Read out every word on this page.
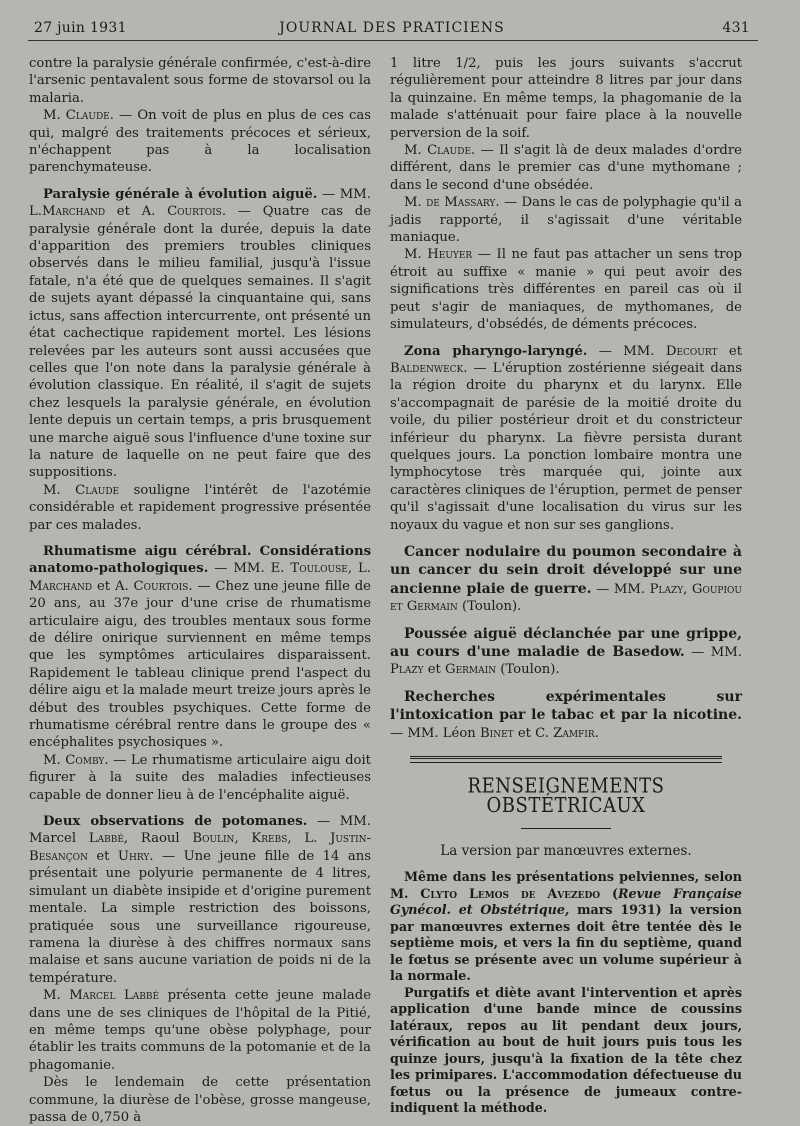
27 juin 1931	JOURNAL DES PRATICIENS	431

contre la paralysie générale confirmée, c'est-à-dire l'arsenic pentavalent sous forme de stovarsol ou la malaria.

M. Claude. — On voit de plus en plus de ces cas qui, malgré des traitements précoces et sérieux, n'échappent pas à la localisation parenchymateuse.

Paralysie générale à évolution aiguë. — MM. L.Marchand et A. Courtois. — Quatre cas de paralysie générale dont la durée, depuis la date d'apparition des premiers troubles cliniques observés dans le milieu familial, jusqu'à l'issue fatale, n'a été que de quelques semaines. Il s'agit de sujets ayant dépassé la cinquantaine qui, sans ictus, sans affection intercurrente, ont présenté un état cachectique rapidement mortel. Les lésions relevées par les auteurs sont aussi accusées que celles que l'on note dans la paralysie générale à évolution classique. En réalité, il s'agit de sujets chez lesquels la paralysie générale, en évolution lente depuis un certain temps, a pris brusquement une marche aiguë sous l'influence d'une toxine sur la nature de laquelle on ne peut faire que des suppositions.

M. Claude souligne l'intérêt de l'azotémie considérable et rapidement progressive présentée par ces malades.

Rhumatisme aigu cérébral. Considérations anatomo-pathologiques. — MM. E. Toulouse, L. Marchand et A. Courtois. — Chez une jeune fille de 20 ans, au 37e jour d'une crise de rhumatisme articulaire aigu, des troubles mentaux sous forme de délire onirique surviennent en même temps que les symptômes articulaires disparaissent. Rapidement le tableau clinique prend l'aspect du délire aigu et la malade meurt treize jours après le début des troubles psychiques. Cette forme de rhumatisme cérébral rentre dans le groupe des « encéphalites psychosiques ».

M. Comby. — Le rhumatisme articulaire aigu doit figurer à la suite des maladies infectieuses capable de donner lieu à de l'encéphalite aiguë.

Deux observations de potomanes. — MM. Marcel Labbé, Raoul Boulin, Krebs, L. Justin-Besançon et Uhry. — Une jeune fille de 14 ans présentait une polyurie permanente de 4 litres, simulant un diabète insipide et d'origine purement mentale. La simple restriction des boissons, pratiquée sous une surveillance rigoureuse, ramena la diurèse à des chiffres normaux sans malaise et sans aucune variation de poids ni de la température.

M. Marcel Labbé présenta cette jeune malade dans une de ses cliniques de l'hôpital de la Pitié, en même temps qu'une obèse polyphage, pour établir les traits communs de la potomanie et de la phagomanie.

Dès le lendemain de cette présentation commune, la diurèse de l'obèse, grosse mangeuse, passa de 0,750 à

1 litre 1/2, puis les jours suivants s'accrut régulièrement pour atteindre 8 litres par jour dans la quinzaine. En même temps, la phagomanie de la malade s'atténuait pour faire place à la nouvelle perversion de la soif.

M. Claude. — Il s'agit là de deux malades d'ordre différent, dans le premier cas d'une mythomane ; dans le second d'une obsédée.

M. de Massary. — Dans le cas de polyphagie qu'il a jadis rapporté, il s'agissait d'une véritable maniaque.

M. Heuyer — Il ne faut pas attacher un sens trop étroit au suffixe « manie » qui peut avoir des significations très différentes en pareil cas où il peut s'agir de maniaques, de mythomanes, de simulateurs, d'obsédés, de déments précoces.

Zona pharyngo-laryngé. — MM. Decourt et Baldenweck. — L'éruption zostérienne siégeait dans la région droite du pharynx et du larynx. Elle s'accompagnait de parésie de la moitié droite du voile, du pilier postérieur droit et du constricteur inférieur du pharynx. La fièvre persista durant quelques jours. La ponction lombaire montra une lymphocytose très marquée qui, jointe aux caractères cliniques de l'éruption, permet de penser qu'il s'agissait d'une localisation du virus sur les noyaux du vague et non sur ses ganglions.

Cancer nodulaire du poumon secondaire à un cancer du sein droit développé sur une ancienne plaie de guerre. — MM. Plazy, Goupiou et Germain (Toulon).

Poussée aiguë déclanchée par une grippe, au cours d'une maladie de Basedow. — MM. Plazy et Germain (Toulon).

Recherches expérimentales sur l'intoxication par le tabac et par la nicotine. — MM. Léon Binet et C. Zamfir.

RENSEIGNEMENTS OBSTÉTRICAUX
La version par manœuvres externes.

Même dans les présentations pelviennes, selon M. Clyto Lemos de Avezedo (Revue Française Gynécol. et Obstétrique, mars 1931) la version par manœuvres externes doit être tentée dès le septième mois, et vers la fin du septième, quand le fœtus se présente avec un volume supérieur à la normale.

Purgatifs et diète avant l'intervention et après application d'une bande mince de coussins latéraux, repos au lit pendant deux jours, vérification au bout de huit jours puis tous les quinze jours, jusqu'à la fixation de la tête chez les primipares. L'accommodation défectueuse du fœtus ou la présence de jumeaux contre-indiquent la méthode.
